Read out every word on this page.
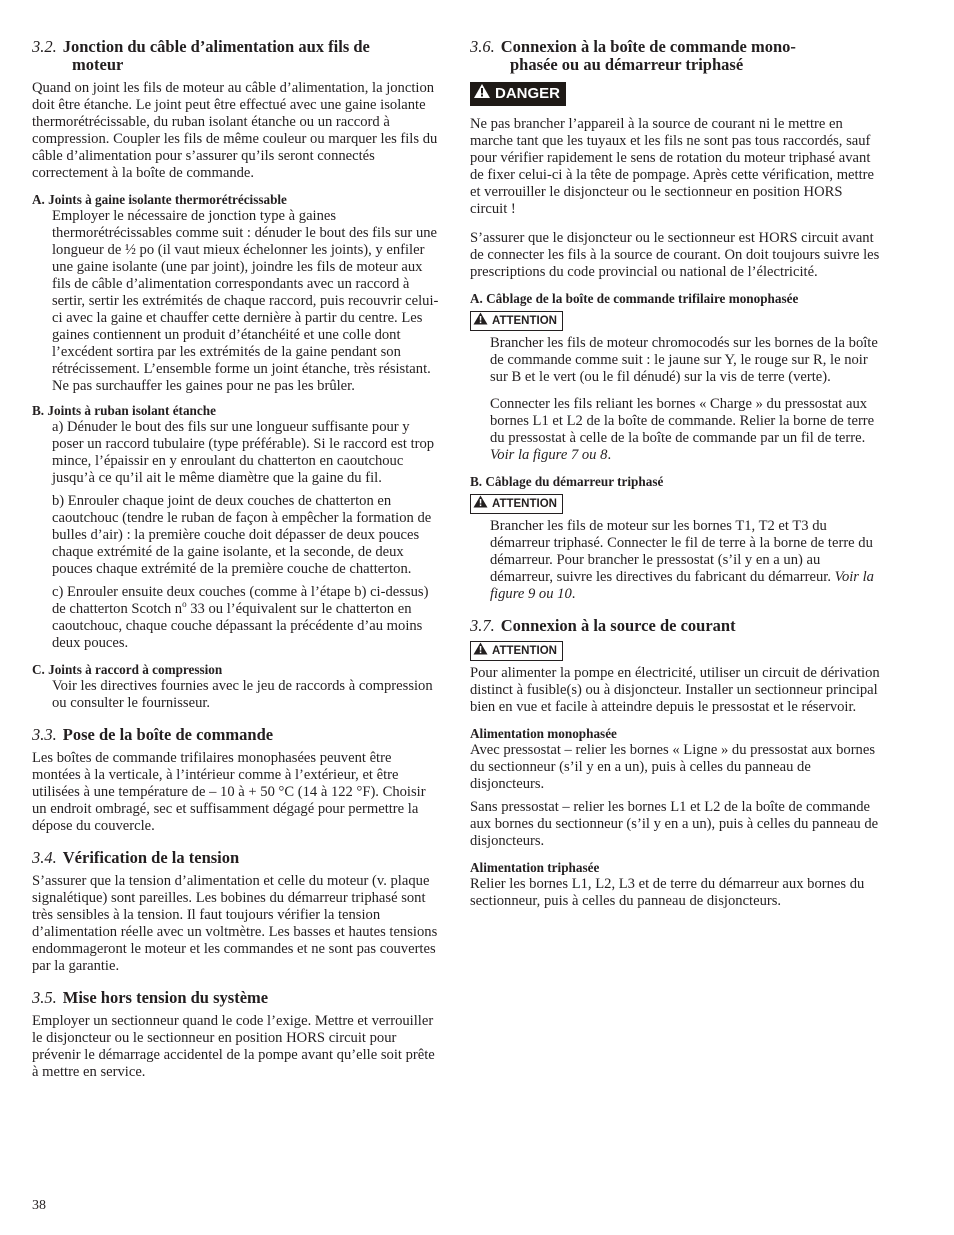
3.2. Jonction du câble d’alimentation aux fils de
moteur

Quand on joint les fils de moteur au câble d’alimentation, la jonction doit être étanche. Le joint peut être effectué avec une gaine isolante thermorétrécissable, du ruban isolant étanche ou un raccord à compression. Coupler les fils de même couleur ou marquer les fils du câble d’alimentation pour s’assurer qu’ils seront connectés correctement à la boîte de commande.

A. Joints à gaine isolante thermorétrécissable

Employer le nécessaire de jonction type à gaines thermorétrécissables comme suit : dénuder le bout des fils sur une longueur de ½ po (il vaut mieux échelonner les joints), y enfiler une gaine isolante (une par joint), joindre les fils de moteur aux fils de câble d’alimentation correspondants avec un raccord à sertir, sertir les extrémités de chaque raccord, puis recouvrir celui-ci avec la gaine et chauffer cette dernière à partir du centre. Les gaines contiennent un produit d’étanchéité et une colle dont l’excédent sortira par les extrémités de la gaine pendant son rétrécissement. L’ensemble forme un joint étanche, très résistant. Ne pas surchauffer les gaines pour ne pas les brûler.

B. Joints à ruban isolant étanche

a) Dénuder le bout des fils sur une longueur suffisante pour y poser un raccord tubulaire (type préférable). Si le raccord est trop mince, l’épaissir en y enroulant du chatterton en caoutchouc jusqu’à ce qu’il ait le même diamètre que la gaine du fil.

b) Enrouler chaque joint de deux couches de chatterton en caoutchouc (tendre le ruban de façon à empêcher la formation de bulles d’air) : la première couche doit dépasser de deux pouces chaque extrémité de la gaine isolante, et la seconde, de deux pouces chaque extrémité de la première couche de chatterton.

c) Enrouler ensuite deux couches (comme à l’étape b) ci-dessus) de chatterton Scotch $n^o$ 33 ou l’équivalent sur le chatterton en caoutchouc, chaque couche dépassant la précédente d’au moins deux pouces.

C. Joints à raccord à compression

Voir les directives fournies avec le jeu de raccords à compression ou consulter le fournisseur.

3.3. Pose de la boîte de commande

Les boîtes de commande trifilaires monophasées peuvent être montées à la verticale, à l’intérieur comme à l’extérieur, et être utilisées à une température de – 10 à + 50 °C (14 à 122 °F). Choisir un endroit ombragé, sec et suffisamment dégagé pour permettre la dépose du couvercle.

3.4. Vérification de la tension

S’assurer que la tension d’alimentation et celle du moteur (v. plaque signalétique) sont pareilles. Les bobines du démarreur triphasé sont très sensibles à la tension. Il faut toujours vérifier la tension d’alimentation réelle avec un voltmètre. Les basses et hautes tensions endommageront le moteur et les commandes et ne sont pas couvertes par la garantie.

3.5. Mise hors tension du système

Employer un sectionneur quand le code l’exige. Mettre et verrouiller le disjoncteur ou le sectionneur en position HORS circuit pour prévenir le démarrage accidentel de la pompe avant qu’elle soit prête à mettre en service.

3.6. Connexion à la boîte de commande mono-
phasée ou au démarreur triphasé
DANGER

Ne pas brancher l’appareil à la source de courant ni le mettre en marche tant que les tuyaux et les fils ne sont pas tous raccordés, sauf pour vérifier rapidement le sens de rotation du moteur triphasé avant de fixer celui-ci à la tête de pompage. Après cette vérification, mettre et verrouiller le disjoncteur ou le sectionneur en position HORS circuit !

S’assurer que le disjoncteur ou le sectionneur est HORS circuit avant de connecter les fils à la source de courant. On doit toujours suivre les prescriptions du code provincial ou national de l’électricité.

A. Câblage de la boîte de commande trifilaire monophasée
ATTENTION

Brancher les fils de moteur chromocodés sur les bornes de la boîte de commande comme suit : le jaune sur Y, le rouge sur R, le noir sur B et le vert (ou le fil dénudé) sur la vis de terre (verte).

Connecter les fils reliant les bornes « Charge » du pressostat aux bornes L1 et L2 de la boîte de commande. Relier la borne de terre du pressostat à celle de la boîte de commande par un fil de terre. Voir la figure 7 ou 8.

B. Câblage du démarreur triphasé
ATTENTION

Brancher les fils de moteur sur les bornes T1, T2 et T3 du démarreur triphasé. Connecter le fil de terre à la borne de terre du démarreur. Pour brancher le pressostat (s’il y en a un) au démarreur, suivre les directives du fabricant du démarreur. Voir la figure 9 ou 10.

3.7. Connexion à la source de courant
ATTENTION

Pour alimenter la pompe en électricité, utiliser un circuit de dérivation distinct à fusible(s) ou à disjoncteur. Installer un sectionneur principal bien en vue et facile à atteindre depuis le pressostat et le réservoir.

Alimentation monophasée

Avec pressostat – relier les bornes « Ligne » du pressostat aux bornes du sectionneur (s’il y en a un), puis à celles du panneau de disjoncteurs.

Sans pressostat – relier les bornes L1 et L2 de la boîte de commande aux bornes du sectionneur (s’il y en a un), puis à celles du panneau de disjoncteurs.

Alimentation triphasée

Relier les bornes L1, L2, L3 et de terre du démarreur aux bornes du sectionneur, puis à celles du panneau de disjoncteurs.

38
